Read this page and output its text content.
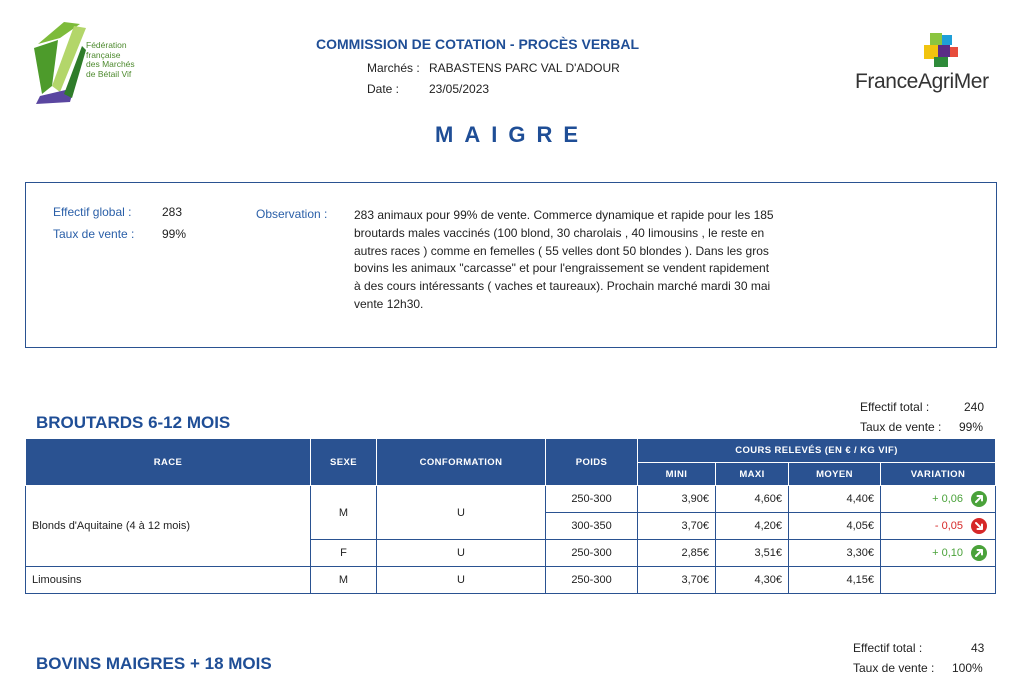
Fédération
française
des Marchés
de Bétail Vif
COMMISSION DE COTATION - PROCÈS VERBAL
Marchés : RABASTENS PARC VAL D'ADOUR
Date : 23/05/2023	FranceAgriMer
MAIGRE
Effectif global :	283
Taux de vente : 99%
Observation : 283 animaux pour 99% de vente. Commerce dynamique et rapide pour les 185 broutards males vaccinés (100 blond, 30 charolais , 40 limousins , le reste en autres races ) comme en femelles ( 55 velles dont 50 blondes ). Dans les gros bovins les animaux "carcasse" et pour l'engraissement se vendent rapidement à des cours intéressants ( vaches et taureaux). Prochain marché mardi 30 mai vente 12h30.
BROUTARDS 6-12 MOIS
Effectif total :	240
Taux de vente : 99%
RACE	SEXE	CONFORMATION	POIDS	COURS RELEVÉS (EN € / KG VIF)			
				MINI	MAXI	MOYEN	VARIATION
Blonds d'Aquitaine (4 à 12 mois)	M	U	250-300	3,90€	4,60€	4,40€	+ 0,06
			300-350	3,70€	4,20€	4,05€	- 0,05
	F	U	250-300	2,85€	3,51€	3,30€	+ 0,10
Limousins	M	U	250-300	3,70€	4,30€	4,15€	
BOVINS MAIGRES + 18 MOIS
Effectif total :	43
Taux de vente : 100%
